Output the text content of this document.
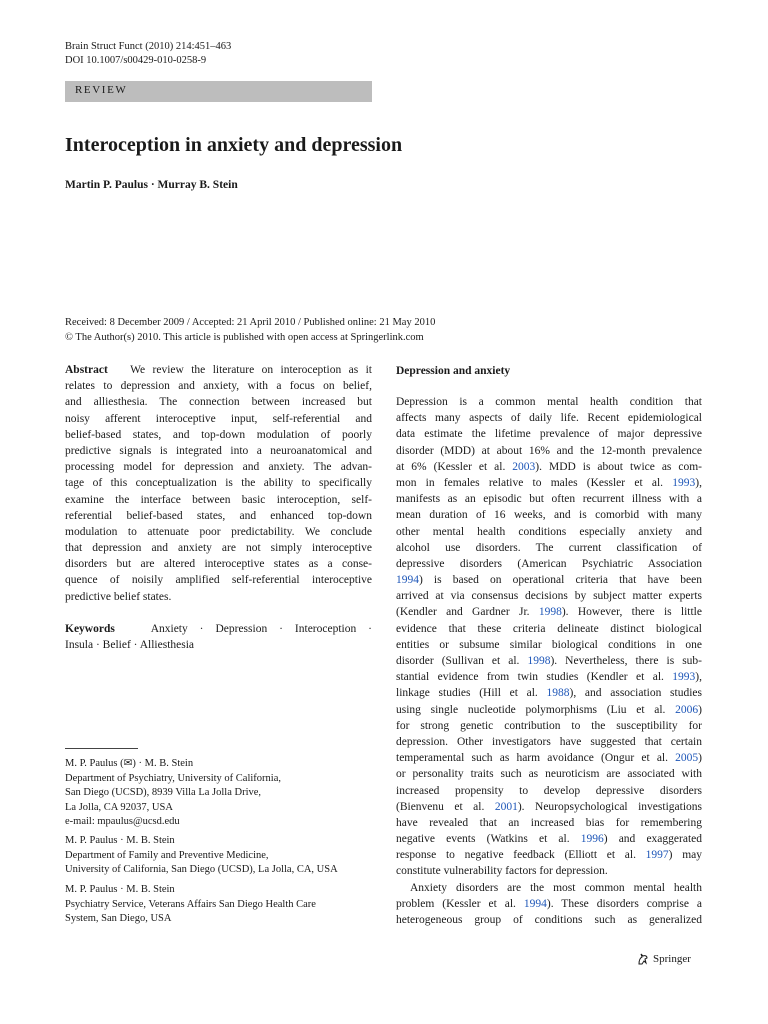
Brain Struct Funct (2010) 214:451–463
DOI 10.1007/s00429-010-0258-9
REVIEW
Interoception in anxiety and depression
Martin P. Paulus · Murray B. Stein
Received: 8 December 2009 / Accepted: 21 April 2010 / Published online: 21 May 2010
© The Author(s) 2010. This article is published with open access at Springerlink.com
Abstract We review the literature on interoception as it
relates to depression and anxiety, with a focus on belief,
and alliesthesia. The connection between increased but
noisy afferent interoceptive input, self-referential and
belief-based states, and top-down modulation of poorly
predictive signals is integrated into a neuroanatomical and
processing model for depression and anxiety. The advan-
tage of this conceptualization is the ability to specifically
examine the interface between basic interoception, self-
referential belief-based states, and enhanced top-down
modulation to attenuate poor predictability. We conclude
that depression and anxiety are not simply interoceptive
disorders but are altered interoceptive states as a conse-
quence of noisily amplified self-referential interoceptive
predictive belief states.
Keywords	Anxiety · Depression · Interoception ·
Insula · Belief · Alliesthesia
M. P. Paulus (✉) · M. B. Stein
Department of Psychiatry, University of California,
San Diego (UCSD), 8939 Villa La Jolla Drive,
La Jolla, CA 92037, USA
e-mail: mpaulus@ucsd.edu
M. P. Paulus · M. B. Stein
Department of Family and Preventive Medicine,
University of California, San Diego (UCSD), La Jolla, CA, USA
M. P. Paulus · M. B. Stein
Psychiatry Service, Veterans Affairs San Diego Health Care
System, San Diego, USA
Depression and anxiety
Depression is a common mental health condition that
affects many aspects of daily life. Recent epidemiological
data estimate the lifetime prevalence of major depressive
disorder (MDD) at about 16% and the 12-month prevalence
at 6% (Kessler et al. 2003). MDD is about twice as com-
mon in females relative to males (Kessler et al. 1993),
manifests as an episodic but often recurrent illness with a
mean duration of 16 weeks, and is comorbid with many
other mental health conditions especially anxiety and
alcohol use disorders. The current classification of
depressive disorders (American Psychiatric Association
1994) is based on operational criteria that have been
arrived at via consensus decisions by subject matter experts
(Kendler and Gardner Jr. 1998). However, there is little
evidence that these criteria delineate distinct biological
entities or subsume similar biological conditions in one
disorder (Sullivan et al. 1998). Nevertheless, there is sub-
stantial evidence from twin studies (Kendler et al. 1993),
linkage studies (Hill et al. 1988), and association studies
using single nucleotide polymorphisms (Liu et al. 2006)
for strong genetic contribution to the susceptibility for
depression. Other investigators have suggested that certain
temperamental such as harm avoidance (Ongur et al. 2005)
or personality traits such as neuroticism are associated with
increased propensity to develop depressive disorders
(Bienvenu et al. 2001). Neuropsychological investigations
have revealed that an increased bias for remembering
negative events (Watkins et al. 1996) and exaggerated
response to negative feedback (Elliott et al. 1997) may
constitute vulnerability factors for depression.
Anxiety disorders are the most common mental health
problem (Kessler et al. 1994). These disorders comprise a
heterogeneous group of conditions such as generalized
Springer
